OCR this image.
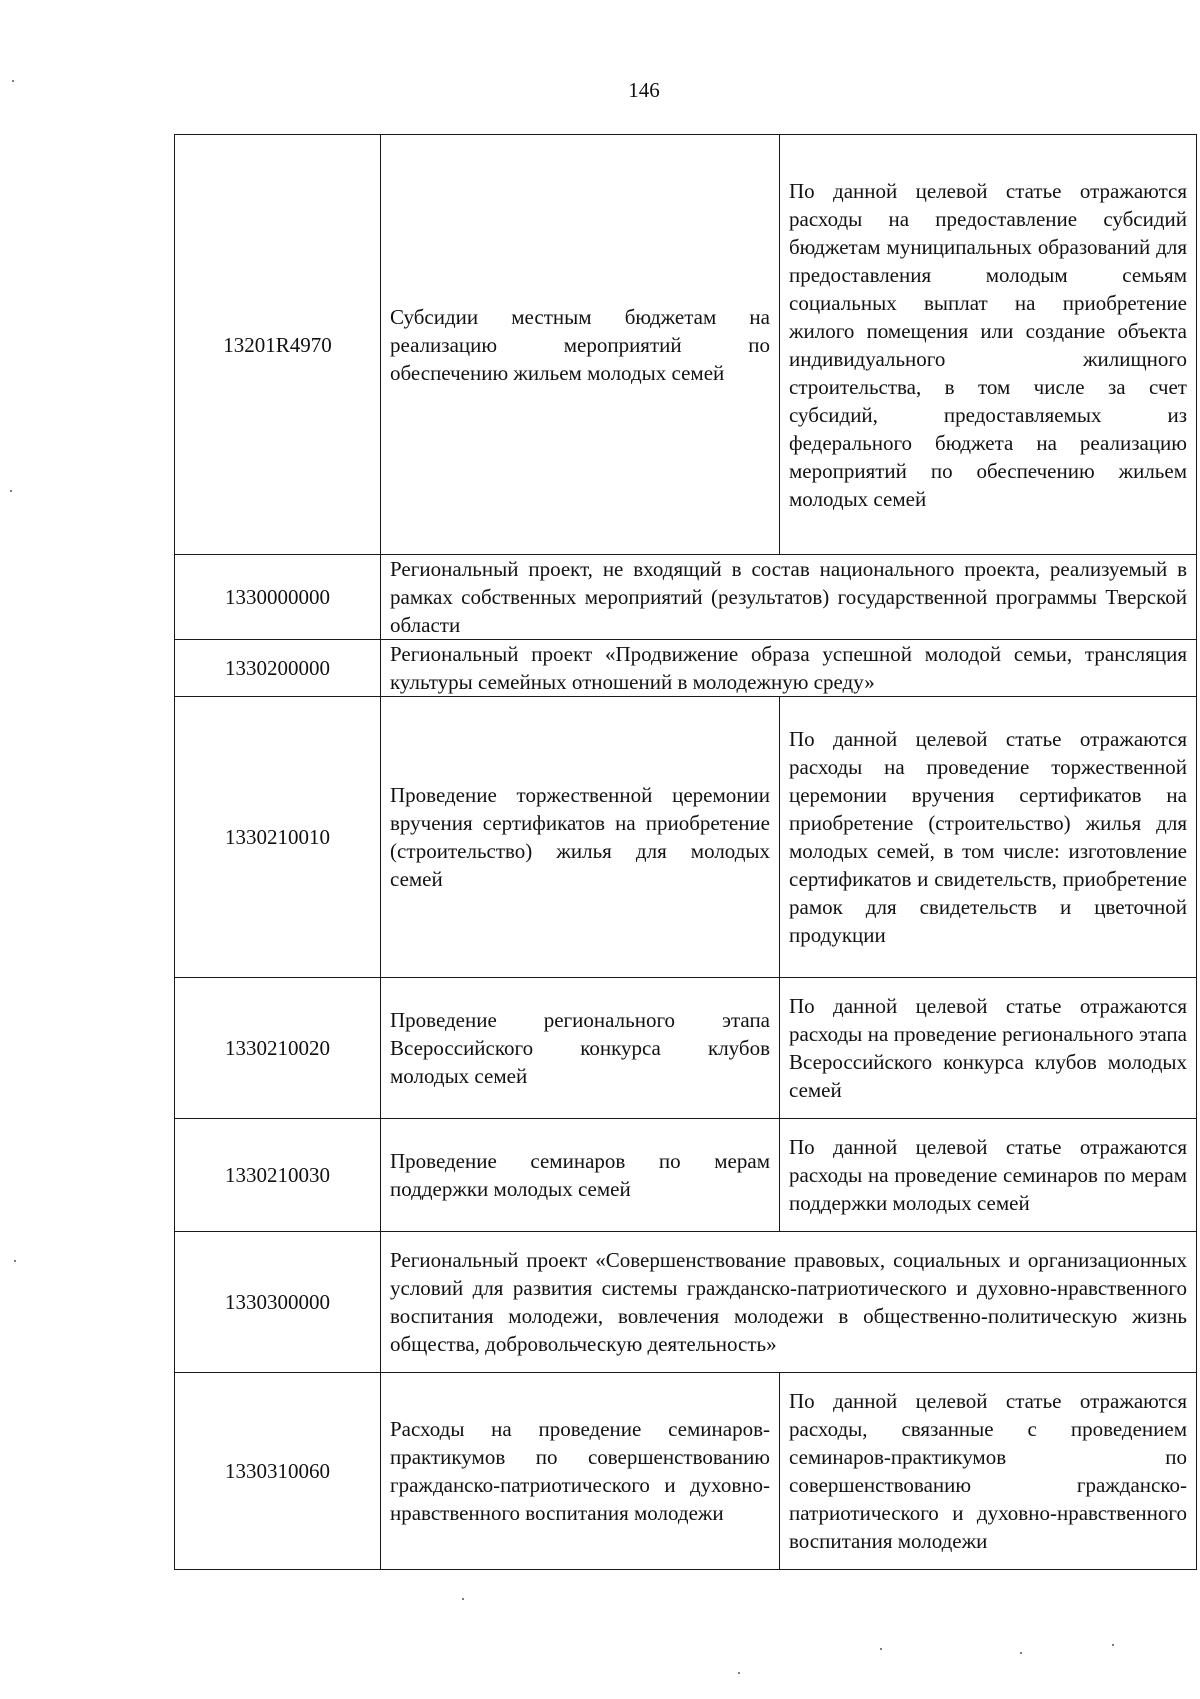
146
13201R4970	Субсидии местным бюджетам на реализацию мероприятий по обеспечению жильем молодых семей	По данной целевой статье отражаются расходы на предоставление субсидий бюджетам муниципальных образований для предоставления молодым семьям социальных выплат на приобретение жилого помещения или создание объекта индивидуального жилищного строительства, в том числе за счет субсидий, предоставляемых из федерального бюджета на реализацию мероприятий по обеспечению жильем молодых семей
1330000000	Региональный проект, не входящий в состав национального проекта, реализуемый в рамках собственных мероприятий (результатов) государственной программы Тверской области	
1330200000	Региональный проект «Продвижение образа успешной молодой семьи, трансляция культуры семейных отношений в молодежную среду»	
1330210010	Проведение торжественной церемонии вручения сертификатов на приобретение (строительство) жилья для молодых семей	По данной целевой статье отражаются расходы на проведение торжественной церемонии вручения сертификатов на приобретение (строительство) жилья для молодых семей, в том числе: изготовление сертификатов и свидетельств, приобретение рамок для свидетельств и цветочной продукции
1330210020	Проведение регионального этапа Всероссийского конкурса клубов молодых семей	По данной целевой статье отражаются расходы на проведение регионального этапа Всероссийского конкурса клубов молодых семей
1330210030	Проведение семинаров по мерам поддержки молодых семей	По данной целевой статье отражаются расходы на проведение семинаров по мерам поддержки молодых семей
1330300000	Региональный проект «Совершенствование правовых, социальных и организационных условий для развития системы гражданско-патриотического и духовно-нравственного воспитания молодежи, вовлечения молодежи в общественно-политическую жизнь общества, добровольческую деятельность»	
1330310060	Расходы на проведение семинаров-практикумов по совершенствованию гражданско-патриотического и духовно-нравственного воспитания молодежи	По данной целевой статье отражаются расходы, связанные с проведением семинаров-практикумов по совершенствованию гражданско-патриотического и духовно-нравственного воспитания молодежи
